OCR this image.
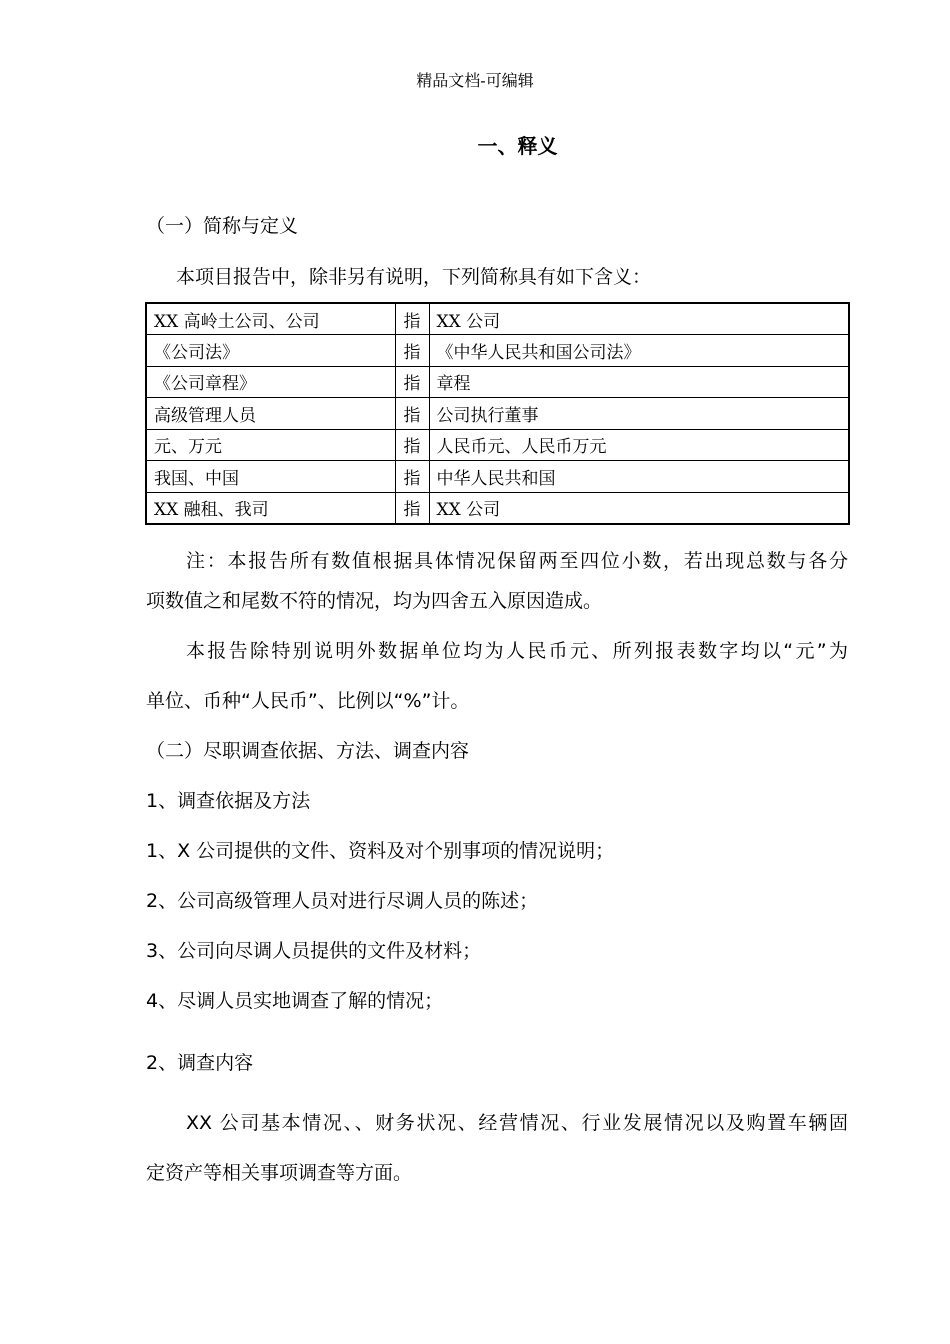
精品文档-可编辑
一、释义
（一）简称与定义
本项目报告中，除非另有说明，下列简称具有如下含义：
XX 高岭土公司、公司	指	XX 公司
《公司法》	指	《中华人民共和国公司法》
《公司章程》	指	章程
高级管理人员	指	公司执行董事
元、万元	指	人民币元、人民币万元
我国、中国	指	中华人民共和国
XX 融租、我司	指	XX 公司
注：本报告所有数值根据具体情况保留两至四位小数，若出现总数与各分
项数值之和尾数不符的情况，均为四舍五入原因造成。
本报告除特别说明外数据单位均为人民币元、所列报表数字均以“元”为
单位、币种“人民币”、比例以“%”计。
（二）尽职调查依据、方法、调查内容
1、调查依据及方法
1、X 公司提供的文件、资料及对个别事项的情况说明；
2、公司高级管理人员对进行尽调人员的陈述；
3、公司向尽调人员提供的文件及材料；
4、尽调人员实地调查了解的情况；
2、调查内容
XX 公司基本情况、、财务状况、经营情况、行业发展情况以及购置车辆固
定资产等相关事项调查等方面。
